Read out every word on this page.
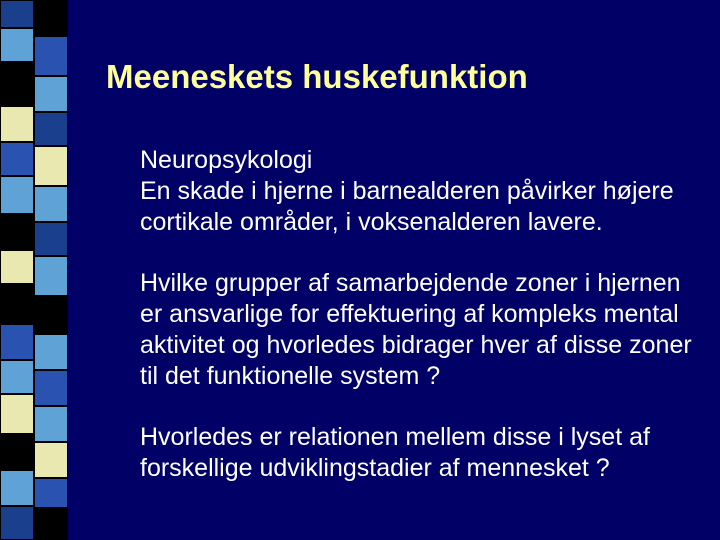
Meeneskets huskefunktion
Neuropsykologi
En skade i hjerne i barnealderen påvirker højere
cortikale områder, i voksenalderen lavere.
Hvilke grupper af samarbejdende zoner i hjernen
er ansvarlige for effektuering af kompleks mental
aktivitet og hvorledes bidrager hver af disse zoner
til det funktionelle system ?
Hvorledes er relationen mellem disse i lyset af
forskellige udviklingstadier af mennesket ?
